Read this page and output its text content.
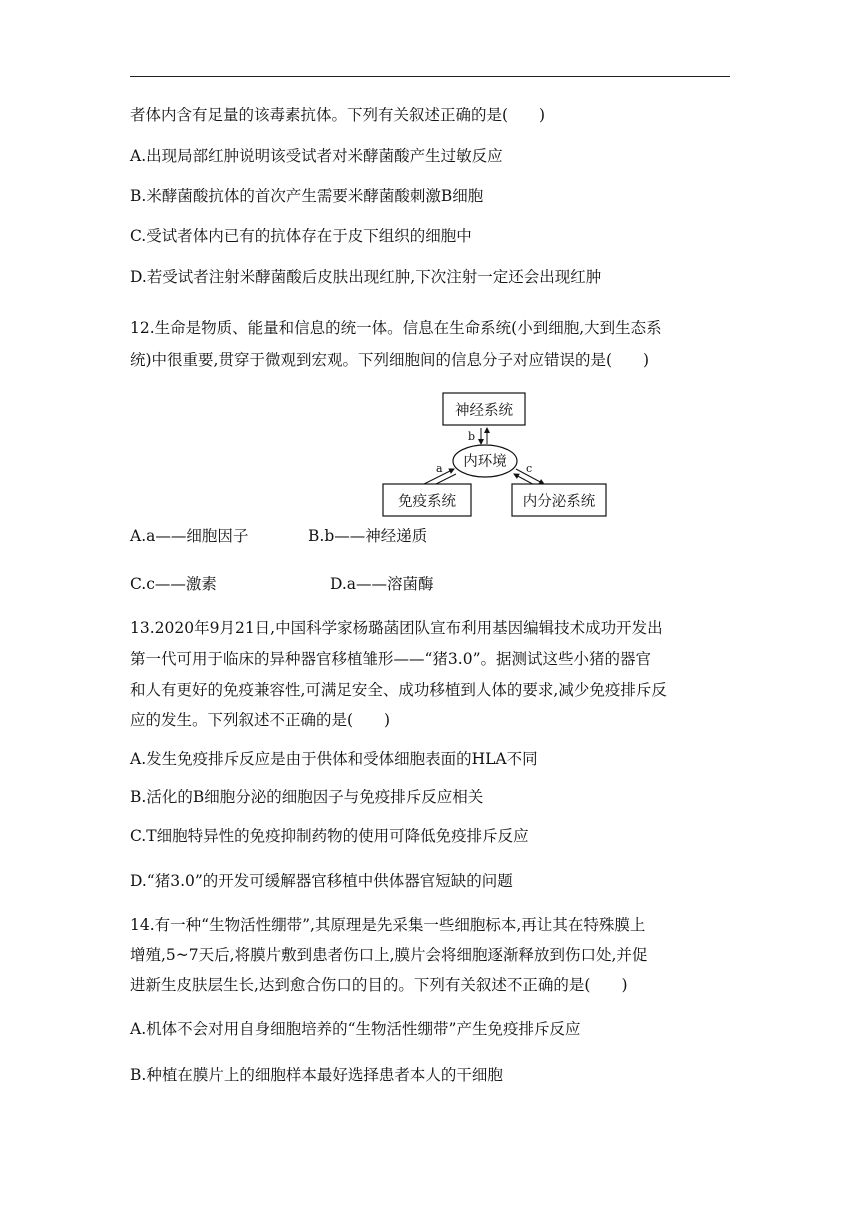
者体内含有足量的该毒素抗体。下列有关叙述正确的是(　　)
A.出现局部红肿说明该受试者对米酵菌酸产生过敏反应
B.米酵菌酸抗体的首次产生需要米酵菌酸刺激B细胞
C.受试者体内已有的抗体存在于皮下组织的细胞中
D.若受试者注射米酵菌酸后皮肤出现红肿,下次注射一定还会出现红肿
12.生命是物质、能量和信息的统一体。信息在生命系统(小到细胞,大到生态系
统)中很重要,贯穿于微观到宏观。下列细胞间的信息分子对应错误的是(　　)
神经系统
b
内环境
a	c
免疫系统	内分泌系统
A.a——细胞因子	B.b——神经递质
C.c——激素	D.a——溶菌酶
13.2020年9月21日,中国科学家杨璐菡团队宣布利用基因编辑技术成功开发出
第一代可用于临床的异种器官移植雏形——“猪3.0”。据测试这些小猪的器官
和人有更好的免疫兼容性,可满足安全、成功移植到人体的要求,减少免疫排斥反
应的发生。下列叙述不正确的是(　　)
A.发生免疫排斥反应是由于供体和受体细胞表面的HLA不同
B.活化的B细胞分泌的细胞因子与免疫排斥反应相关
C.T细胞特异性的免疫抑制药物的使用可降低免疫排斥反应
D.“猪3.0”的开发可缓解器官移植中供体器官短缺的问题
14.有一种“生物活性绷带”,其原理是先采集一些细胞标本,再让其在特殊膜上
增殖,5~7天后,将膜片敷到患者伤口上,膜片会将细胞逐渐释放到伤口处,并促
进新生皮肤层生长,达到愈合伤口的目的。下列有关叙述不正确的是(　　)
A.机体不会对用自身细胞培养的“生物活性绷带”产生免疫排斥反应
B.种植在膜片上的细胞样本最好选择患者本人的干细胞
